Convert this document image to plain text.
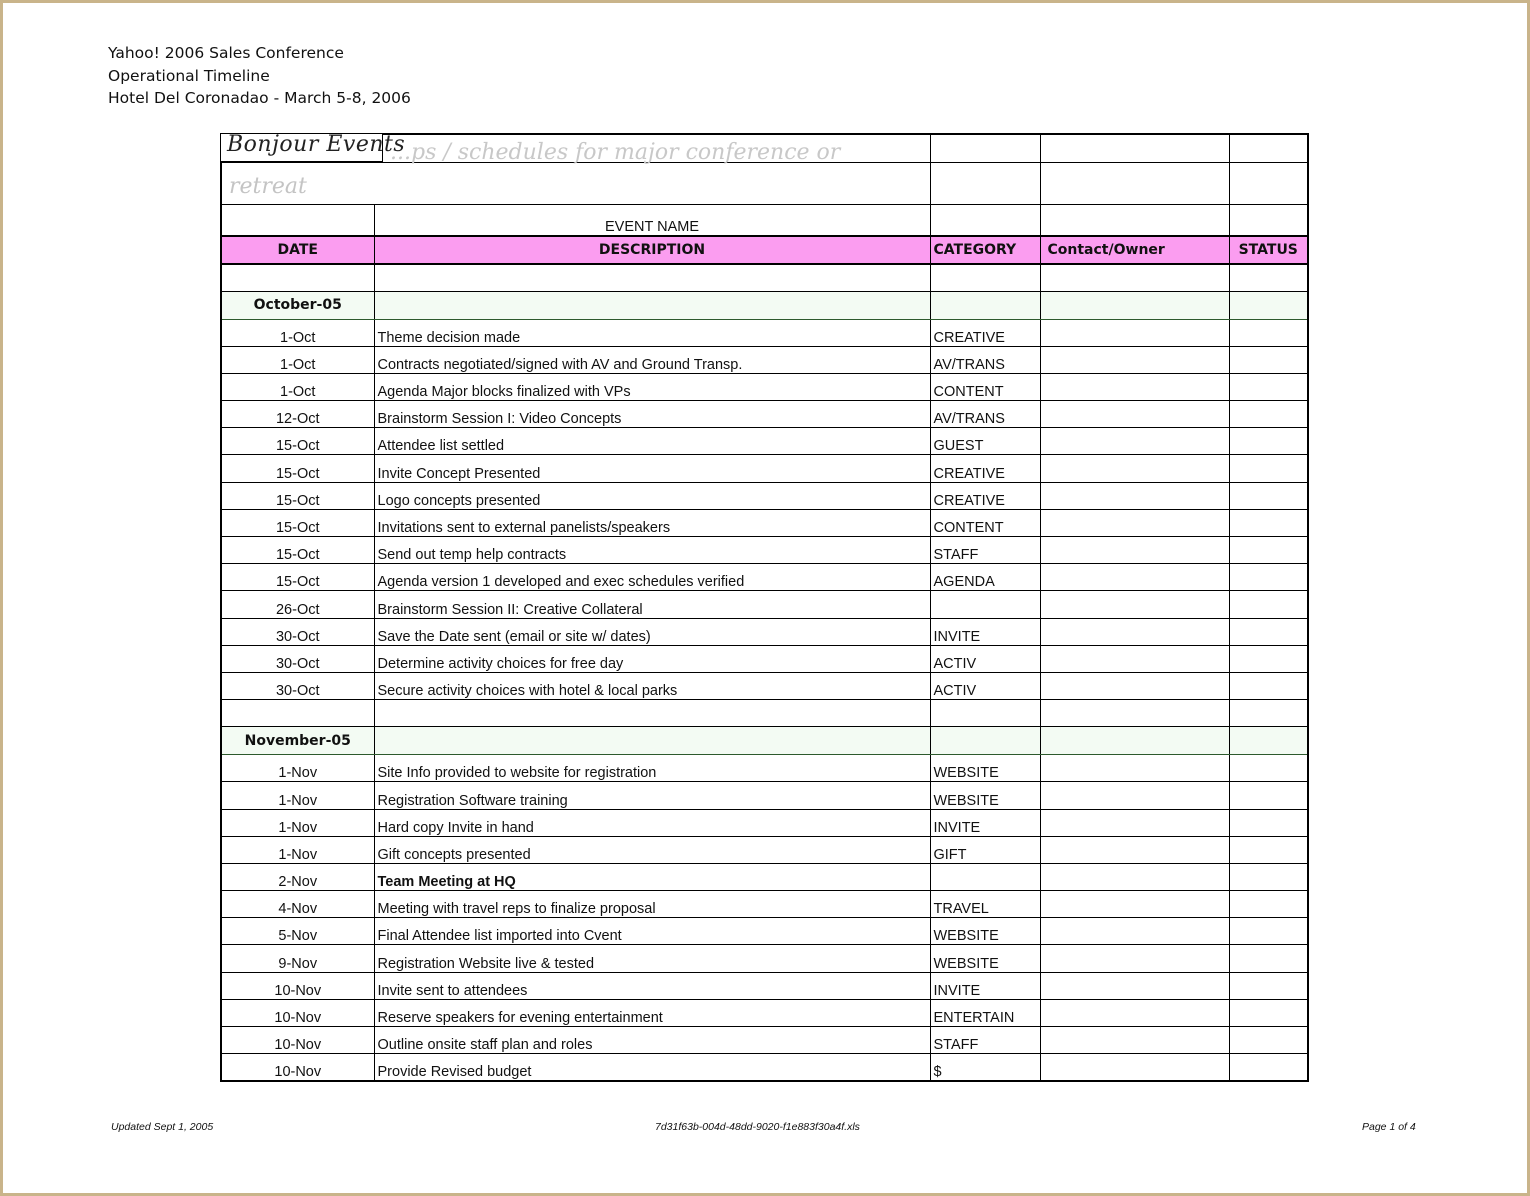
Yahoo! 2006 Sales Conference
Operational Timeline
Hotel Del Coronadao - March 5-8, 2006

	EVENT NAME			
DATE	DESCRIPTION	CATEGORY	Contact/Owner	STATUS

October-05				
1-Oct	Theme decision made	CREATIVE		
1-Oct	Contracts negotiated/signed with AV and Ground Transp.	AV/TRANS		
1-Oct	Agenda Major blocks finalized with VPs	CONTENT		
12-Oct	Brainstorm Session I: Video Concepts	AV/TRANS		
15-Oct	Attendee list settled	GUEST		
15-Oct	Invite Concept Presented	CREATIVE		
15-Oct	Logo concepts presented	CREATIVE		
15-Oct	Invitations sent to external panelists/speakers	CONTENT		
15-Oct	Send out temp help contracts	STAFF		
15-Oct	Agenda version 1 developed and exec schedules verified	AGENDA		
26-Oct	Brainstorm Session II: Creative Collateral			
30-Oct	Save the Date sent (email or site w/ dates)	INVITE		
30-Oct	Determine activity choices for free day	ACTIV		
30-Oct	Secure activity choices with hotel & local parks	ACTIV		

November-05				
1-Nov	Site Info provided to website for registration	WEBSITE		
1-Nov	Registration Software training	WEBSITE		
1-Nov	Hard copy Invite in hand	INVITE		
1-Nov	Gift concepts presented	GIFT		
2-Nov	Team Meeting at HQ			
4-Nov	Meeting with travel reps to finalize proposal	TRAVEL		
5-Nov	Final Attendee list imported into Cvent	WEBSITE		
9-Nov	Registration Website live & tested	WEBSITE		
10-Nov	Invite sent to attendees	INVITE		
10-Nov	Reserve speakers for evening entertainment	ENTERTAIN		
10-Nov	Outline onsite staff plan and roles	STAFF		
10-Nov	Provide Revised budget	$		
Bonjour Events
...ps / schedules for major conference or
retreat
Updated Sept 1, 2005	7d31f63b-004d-48dd-9020-f1e883f30a4f.xls	Page 1 of 4
